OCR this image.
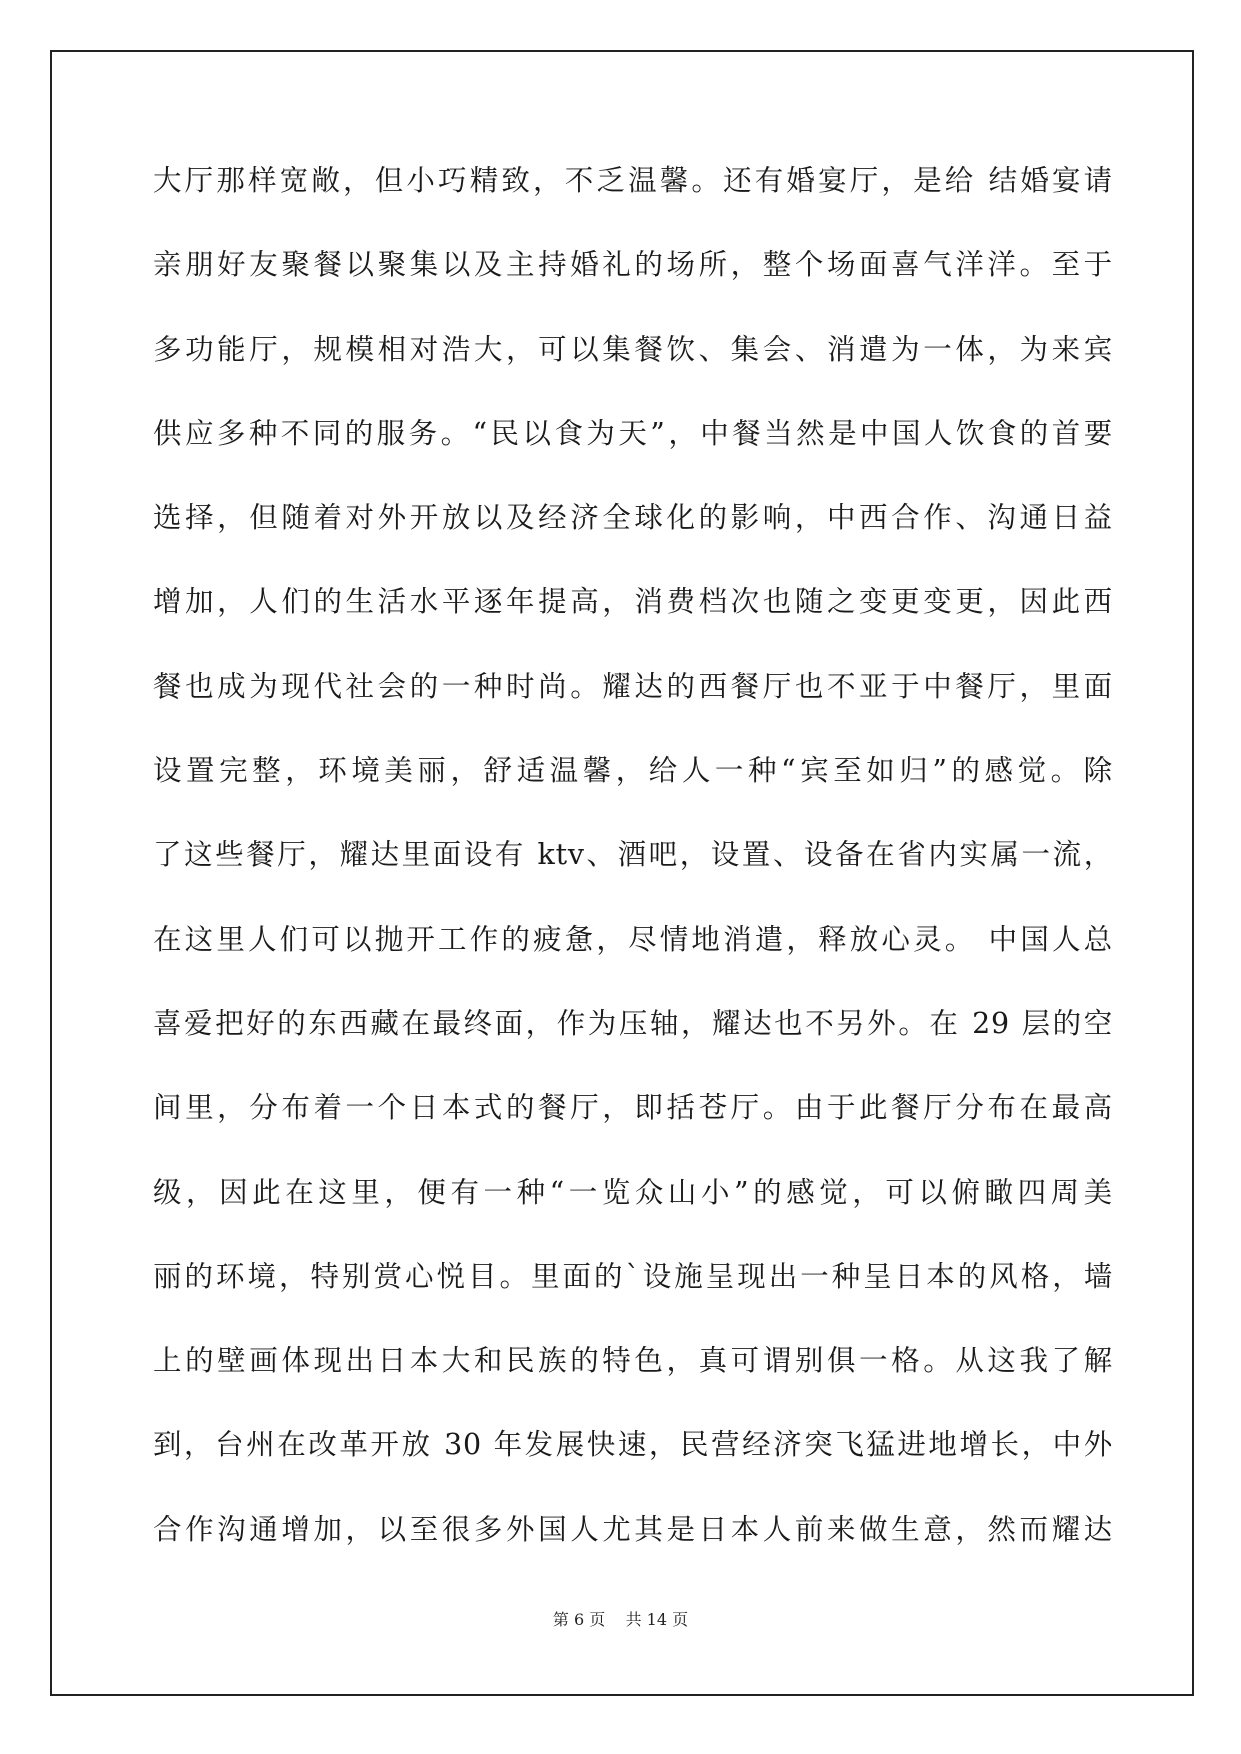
大厅那样宽敞，但小巧精致，不乏温馨。还有婚宴厅，是给 结婚宴请
亲朋好友聚餐以聚集以及主持婚礼的场所，整个场面喜气洋洋。至于
多功能厅，规模相对浩大，可以集餐饮、集会、消遣为一体，为来宾
供应多种不同的服务。“民以食为天”，中餐当然是中国人饮食的首要
选择，但随着对外开放以及经济全球化的影响，中西合作、沟通日益
增加，人们的生活水平逐年提高，消费档次也随之变更变更，因此西
餐也成为现代社会的一种时尚。耀达的西餐厅也不亚于中餐厅，里面
设置完整，环境美丽，舒适温馨，给人一种“宾至如归”的感觉。除
了这些餐厅，耀达里面设有 ktv、酒吧，设置、设备在省内实属一流，
在这里人们可以抛开工作的疲惫，尽情地消遣，释放心灵。 中国人总
喜爱把好的东西藏在最终面，作为压轴，耀达也不另外。在 29 层的空
间里，分布着一个日本式的餐厅，即括苍厅。由于此餐厅分布在最高
级，因此在这里，便有一种“一览众山小”的感觉，可以俯瞰四周美
丽的环境，特别赏心悦目。里面的`设施呈现出一种呈日本的风格，墙
上的壁画体现出日本大和民族的特色，真可谓别俱一格。从这我了解
到，台州在改革开放 30 年发展快速，民营经济突飞猛进地增长，中外
合作沟通增加，以至很多外国人尤其是日本人前来做生意，然而耀达
第 6 页    共 14 页
